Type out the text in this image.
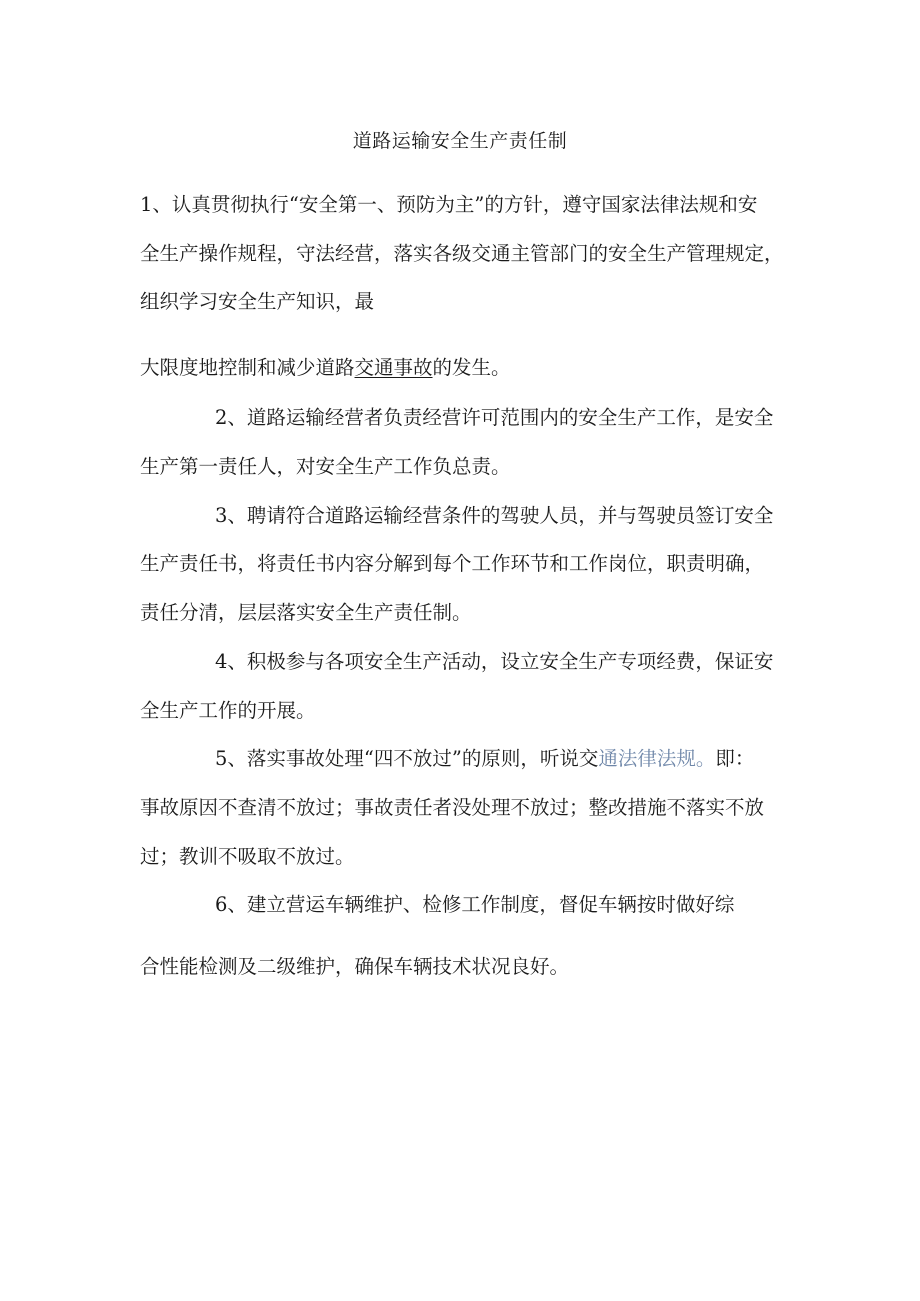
道路运输安全生产责任制
1、认真贯彻执行“安全第一、预防为主”的方针，遵守国家法律法规和安
全生产操作规程，守法经营，落实各级交通主管部门的安全生产管理规定，
组织学习安全生产知识，最
大限度地控制和减少道路交通事故的发生。
2、道路运输经营者负责经营许可范围内的安全生产工作，是安全
生产第一责任人，对安全生产工作负总责。
3、聘请符合道路运输经营条件的驾驶人员，并与驾驶员签订安全
生产责任书，将责任书内容分解到每个工作环节和工作岗位，职责明确，
责任分清，层层落实安全生产责任制。
4、积极参与各项安全生产活动，设立安全生产专项经费，保证安
全生产工作的开展。
5、落实事故处理“四不放过”的原则，听说交通法律法规。即：
事故原因不查清不放过；事故责任者没处理不放过；整改措施不落实不放
过；教训不吸取不放过。
6、建立营运车辆维护、检修工作制度，督促车辆按时做好综
合性能检测及二级维护，确保车辆技术状况良好。
